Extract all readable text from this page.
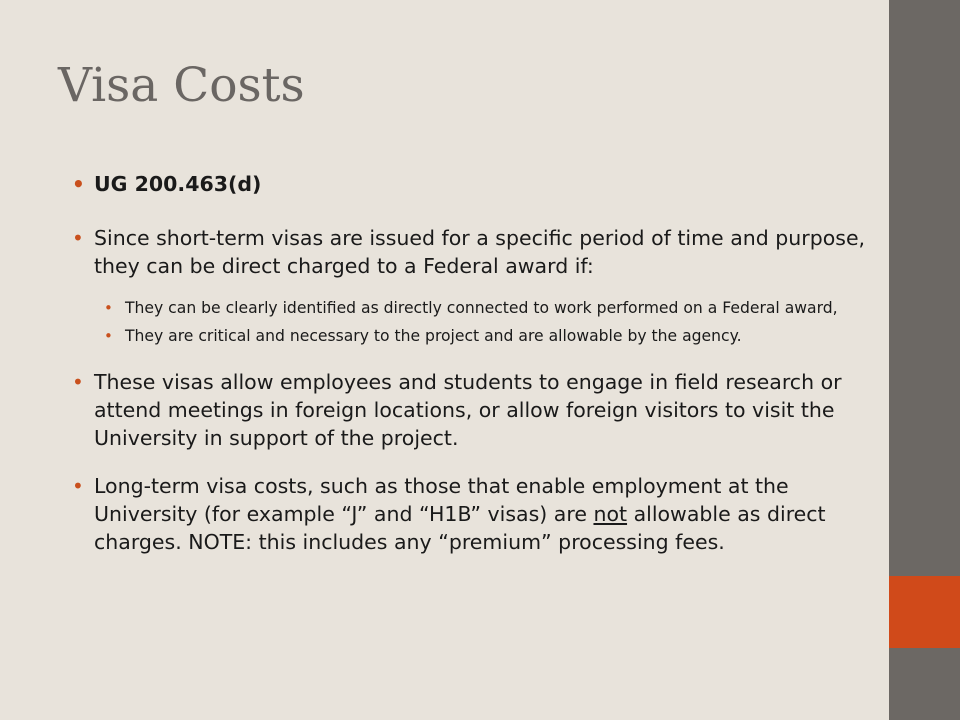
Visa Costs
• UG 200.463(d)
• Since short-term visas are issued for a specific period of time and purpose, they can be direct charged to a Federal award if:
• They can be clearly identified as directly connected to work performed on a Federal award,
• They are critical and necessary to the project and are allowable by the agency.
• These visas allow employees and students to engage in field research or attend meetings in foreign locations, or allow foreign visitors to visit the University in support of the project.
• Long-term visa costs, such as those that enable employment at the University (for example “J” and “H1B” visas) are not allowable as direct charges. NOTE: this includes any “premium” processing fees.
